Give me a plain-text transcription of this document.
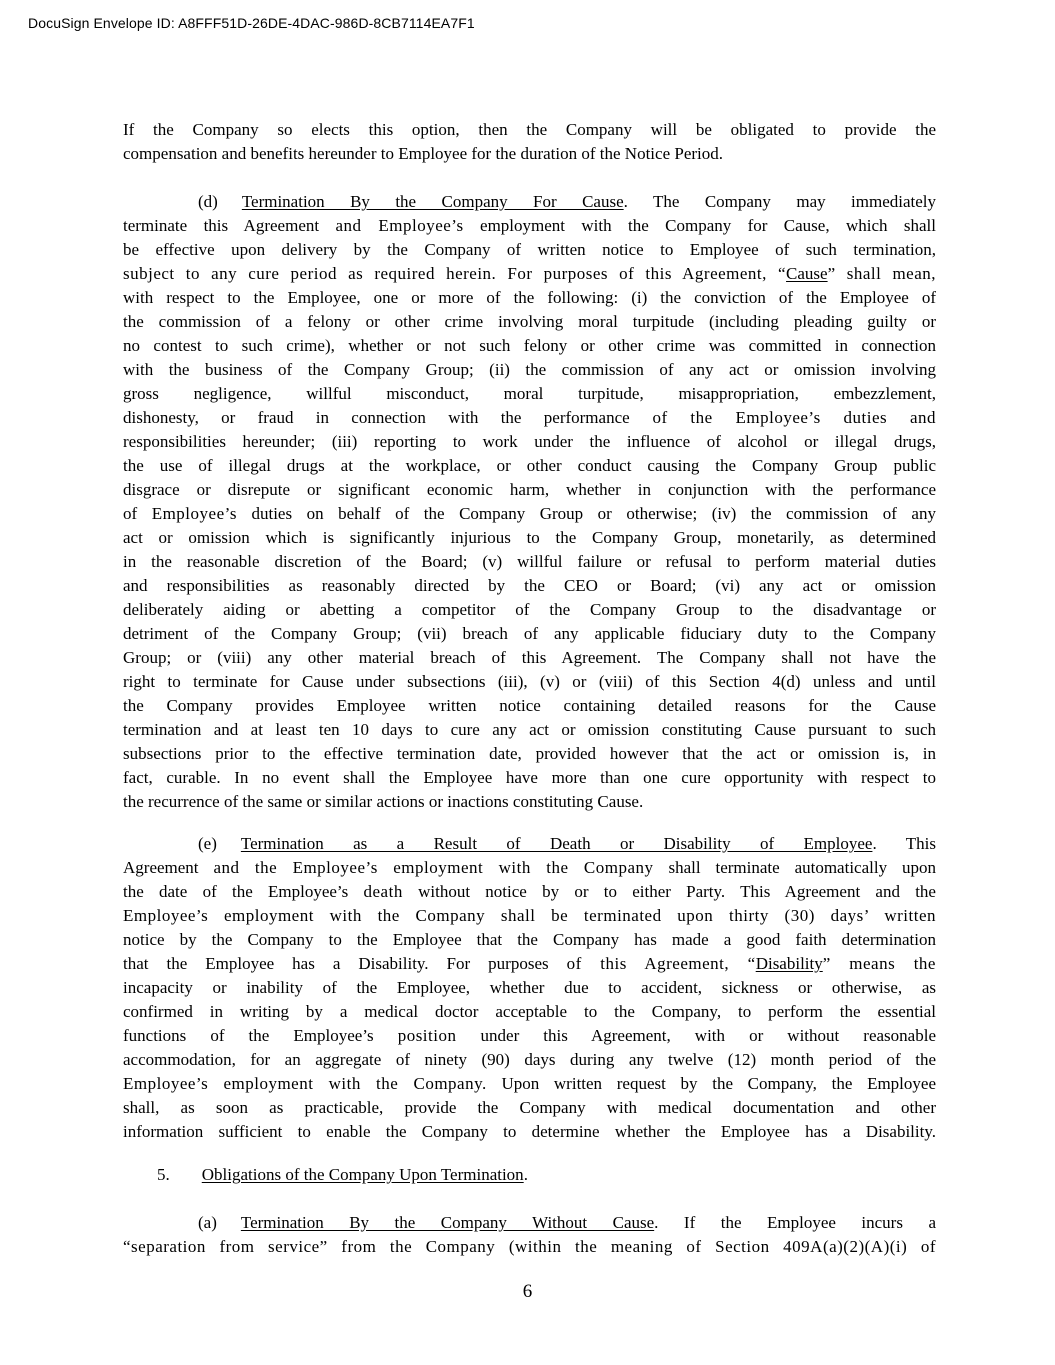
DocuSign Envelope ID: A8FFF51D-26DE-4DAC-986D-8CB7114EA7F1
If the Company so elects this option, then the Company will be obligated to provide the
compensation and benefits hereunder to Employee for the duration of the Notice Period.
(d) Termination By the Company For Cause. The Company may immediately
terminate this Agreement and Employee’s employment with the Company for Cause, which shall
be effective upon delivery by the Company of written notice to Employee of such termination,
subject to any cure period as required herein. For purposes of this Agreement, “Cause” shall mean,
with respect to the Employee, one or more of the following: (i) the conviction of the Employee of
the commission of a felony or other crime involving moral turpitude (including pleading guilty or
no contest to such crime), whether or not such felony or other crime was committed in connection
with the business of the Company Group; (ii) the commission of any act or omission involving
gross negligence, willful misconduct, moral turpitude, misappropriation, embezzlement,
dishonesty, or fraud in connection with the performance of the Employee’s duties and
responsibilities hereunder; (iii) reporting to work under the influence of alcohol or illegal drugs,
the use of illegal drugs at the workplace, or other conduct causing the Company Group public
disgrace or disrepute or significant economic harm, whether in conjunction with the performance
of Employee’s duties on behalf of the Company Group or otherwise; (iv) the commission of any
act or omission which is significantly injurious to the Company Group, monetarily, as determined
in the reasonable discretion of the Board; (v) willful failure or refusal to perform material duties
and responsibilities as reasonably directed by the CEO or Board; (vi) any act or omission
deliberately aiding or abetting a competitor of the Company Group to the disadvantage or
detriment of the Company Group; (vii) breach of any applicable fiduciary duty to the Company
Group; or (viii) any other material breach of this Agreement. The Company shall not have the
right to terminate for Cause under subsections (iii), (v) or (viii) of this Section 4(d) unless and until
the Company provides Employee written notice containing detailed reasons for the Cause
termination and at least ten 10 days to cure any act or omission constituting Cause pursuant to such
subsections prior to the effective termination date, provided however that the act or omission is, in
fact, curable. In no event shall the Employee have more than one cure opportunity with respect to
the recurrence of the same or similar actions or inactions constituting Cause.
(e) Termination as a Result of Death or Disability of Employee. This
Agreement and the Employee’s employment with the Company shall terminate automatically upon
the date of the Employee’s death without notice by or to either Party. This Agreement and the
Employee’s employment with the Company shall be terminated upon thirty (30) days’ written
notice by the Company to the Employee that the Company has made a good faith determination
that the Employee has a Disability. For purposes of this Agreement, “Disability” means the
incapacity or inability of the Employee, whether due to accident, sickness or otherwise, as
confirmed in writing by a medical doctor acceptable to the Company, to perform the essential
functions of the Employee’s position under this Agreement, with or without reasonable
accommodation, for an aggregate of ninety (90) days during any twelve (12) month period of the
Employee’s employment with the Company. Upon written request by the Company, the Employee
shall, as soon as practicable, provide the Company with medical documentation and other
information sufficient to enable the Company to determine whether the Employee has a Disability.
5. Obligations of the Company Upon Termination.
(a) Termination By the Company Without Cause. If the Employee incurs a
“separation from service” from the Company (within the meaning of Section 409A(a)(2)(A)(i) of
6
